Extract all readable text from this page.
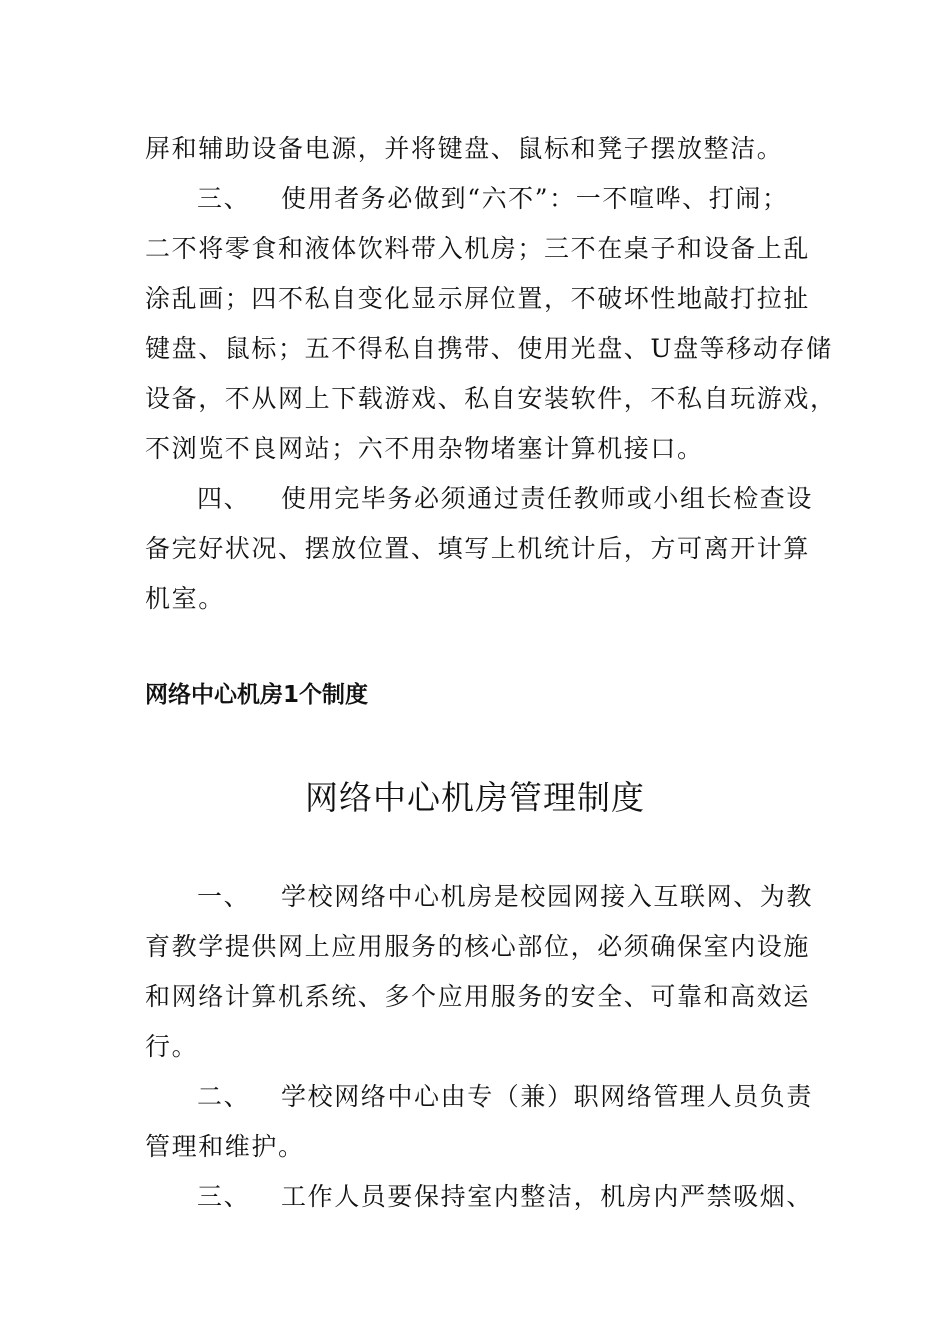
屏和辅助设备电源，并将键盘、鼠标和凳子摆放整洁。
三、 使用者务必做到“六不”：一不喧哗、打闹；
二不将零食和液体饮料带入机房；三不在桌子和设备上乱
涂乱画；四不私自变化显示屏位置，不破坏性地敲打拉扯
键盘、鼠标；五不得私自携带、使用光盘、U盘等移动存储
设备，不从网上下载游戏、私自安装软件，不私自玩游戏，
不浏览不良网站；六不用杂物堵塞计算机接口。
四、 使用完毕务必须通过责任教师或小组长检查设
备完好状况、摆放位置、填写上机统计后，方可离开计算
机室。
网络中心机房1个制度
网络中心机房管理制度
一、 学校网络中心机房是校园网接入互联网、为教
育教学提供网上应用服务的核心部位，必须确保室内设施
和网络计算机系统、多个应用服务的安全、可靠和高效运
行。
二、 学校网络中心由专（兼）职网络管理人员负责
管理和维护。
三、 工作人员要保持室内整洁，机房内严禁吸烟、
